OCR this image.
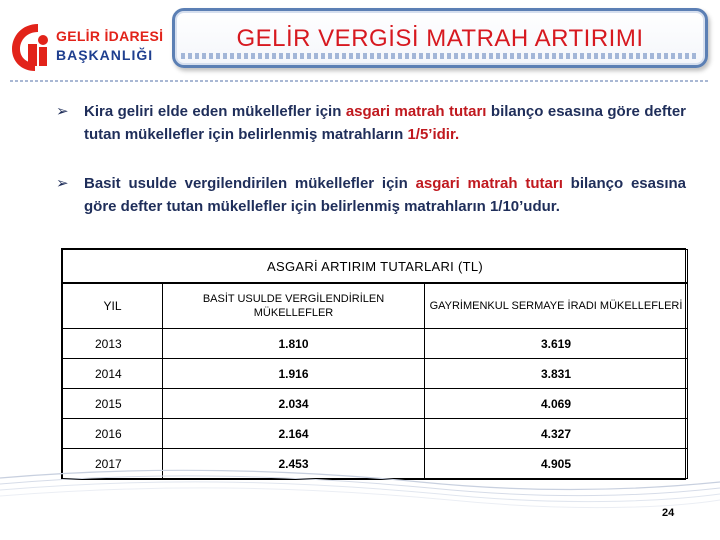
GELİR İDARESİ
BAŞKANLIĞI
GELİR VERGİSİ MATRAH ARTIRIMI
➢	Kira geliri elde eden mükellefler için asgari matrah tutarı bilanço esasına göre defter tutan mükellefler için belirlenmiş matrahların 1/5’idir.
➢	Basit usulde vergilendirilen mükellefler için asgari matrah tutarı bilanço esasına göre defter tutan mükellefler için belirlenmiş matrahların 1/10’udur.
ASGARİ ARTIRIM TUTARLARI (TL)		
YIL	BASİT USULDE VERGİLENDİRİLEN MÜKELLEFLER	GAYRİMENKUL SERMAYE İRADI MÜKELLEFLERİ
2013	1.810	3.619
2014	1.916	3.831
2015	2.034	4.069
2016	2.164	4.327
2017	2.453	4.905
24
